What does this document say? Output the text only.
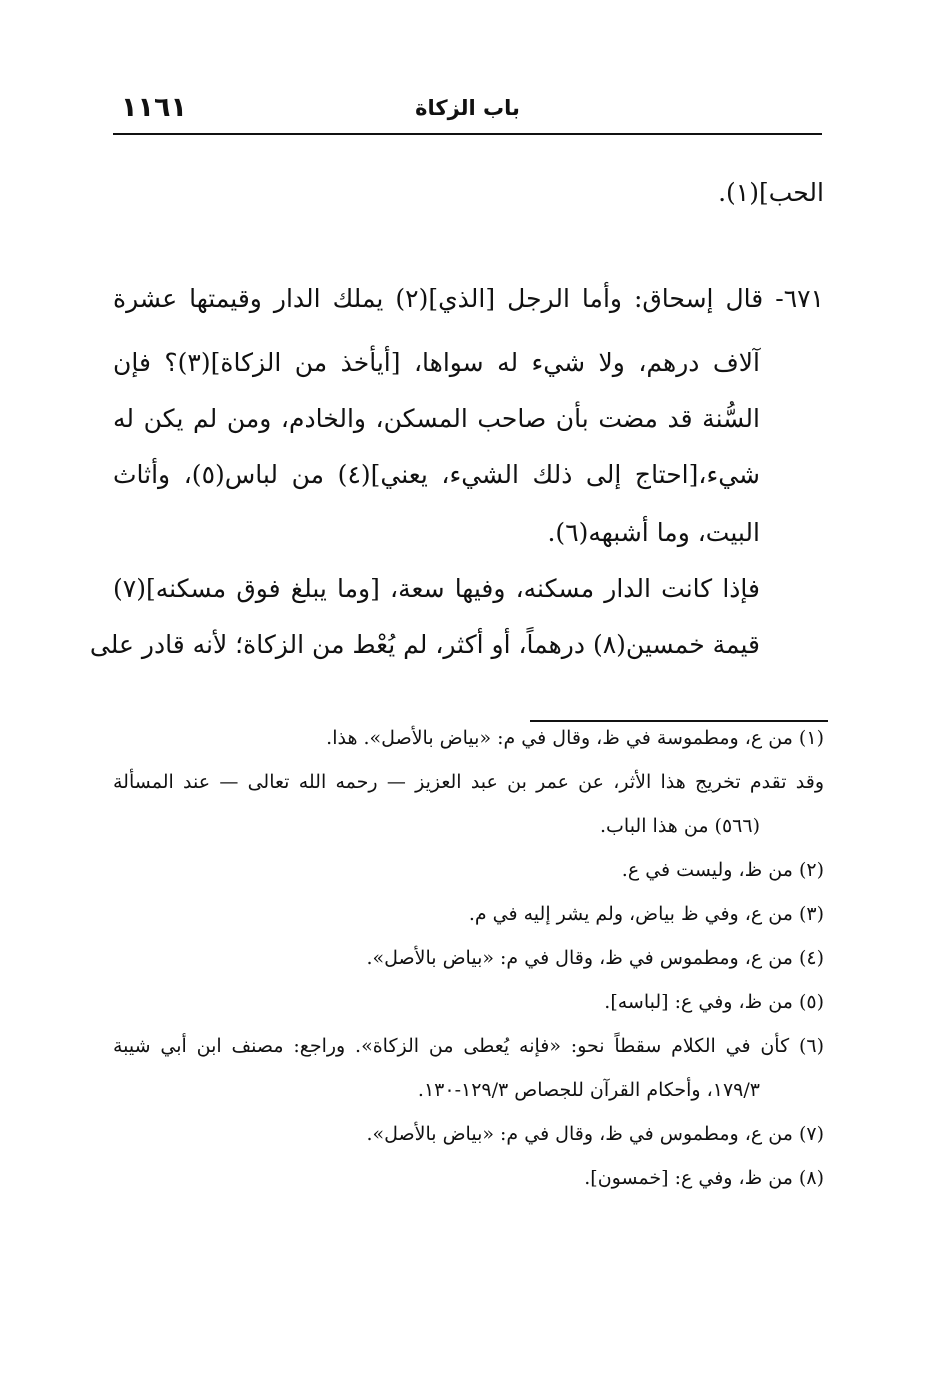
باب الزكاة
١١٦١
الحب](١).
٦٧١- قال إسحاق: وأما الرجل [الذي](٢) يملك الدار وقيمتها عشرة
آلاف درهم، ولا شيء له سواها، [أيأخذ من الزكاة](٣)؟ فإن
السُّنة قد مضت بأن صاحب المسكن، والخادم، ومن لم يكن له
شيء،[احتاج إلى ذلك الشيء، يعني](٤) من لباس(٥)، وأثاث
البيت، وما أشبهه(٦).
فإذا كانت الدار مسكنه، وفيها سعة، [وما يبلغ فوق مسكنه](٧)
قيمة خمسين(٨) درهماً، أو أكثر، لم يُعْط من الزكاة؛ لأنه قادر على
(١) من ع، ومطموسة في ظ، وقال في م: «بياض بالأصل». هذا.
وقد تقدم تخريج هذا الأثر، عن عمر بن عبد العزيز — رحمه الله تعالى — عند المسألة
(٥٦٦) من هذا الباب.
(٢) من ظ، وليست في ع.
(٣) من ع، وفي ظ بياض، ولم يشر إليه في م.
(٤) من ع، ومطموس في ظ، وقال في م: «بياض بالأصل».
(٥) من ظ، وفي ع: [لباسه].
(٦) كأن في الكلام سقطاً نحو: «فإنه يُعطى من الزكاة». وراجع: مصنف ابن أبي شيبة
١٧٩/٣، وأحكام القرآن للجصاص ١٢٩/٣-١٣٠.
(٧) من ع، ومطموس في ظ، وقال في م: «بياض بالأصل».
(٨) من ظ، وفي ع: [خمسون].
